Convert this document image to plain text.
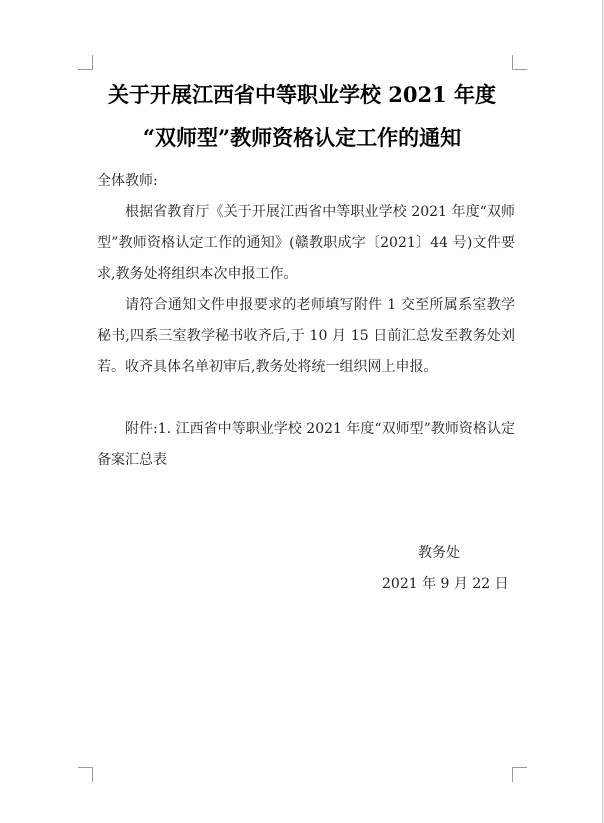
关于开展江西省中等职业学校 2021 年度
“双师型”教师资格认定工作的通知

全体教师:

根据省教育厅《关于开展江西省中等职业学校 2021 年度“双师型”教师资格认定工作的通知》(赣教职成字〔2021〕44 号)文件要求,教务处将组织本次申报工作。

请符合通知文件申报要求的老师填写附件 1 交至所属系室教学秘书,四系三室教学秘书收齐后,于 10 月 15 日前汇总发至教务处刘若。收齐具体名单初审后,教务处将统一组织网上申报。

附件:1. 江西省中等职业学校 2021 年度“双师型”教师资格认定备案汇总表

教务处
2021 年 9 月 22 日
